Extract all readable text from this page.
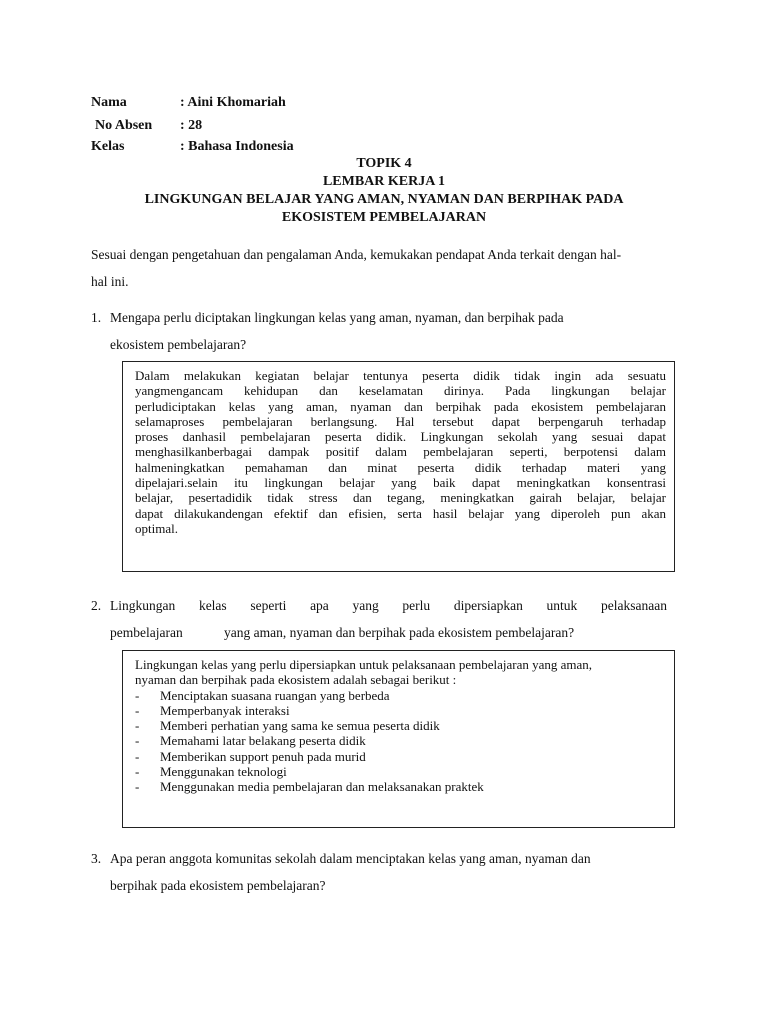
Nama	: Aini Khomariah
No Absen : 28
Kelas	: Bahasa Indonesia
TOPIK 4
LEMBAR KERJA 1
LINGKUNGAN BELAJAR YANG AMAN, NYAMAN DAN BERPIHAK PADA
EKOSISTEM PEMBELAJARAN
Sesuai dengan pengetahuan dan pengalaman Anda, kemukakan pendapat Anda terkait dengan hal-
hal ini.
1. Mengapa perlu diciptakan lingkungan kelas yang aman, nyaman, dan berpihak pada
ekosistem pembelajaran?
Dalam melakukan kegiatan belajar tentunya peserta didik tidak ingin ada sesuatu
yangmengancam kehidupan dan keselamatan dirinya. Pada lingkungan belajar
perludiciptakan kelas yang aman, nyaman dan berpihak pada ekosistem pembelajaran
selamaproses pembelajaran berlangsung. Hal tersebut dapat berpengaruh terhadap
proses danhasil pembelajaran peserta didik. Lingkungan sekolah yang sesuai dapat
menghasilkanberbagai dampak positif dalam pembelajaran seperti, berpotensi dalam
halmeningkatkan pemahaman dan minat peserta didik terhadap materi yang
dipelajari.selain itu lingkungan belajar yang baik dapat meningkatkan konsentrasi
belajar, pesertadidik tidak stress dan tegang, meningkatkan gairah belajar, belajar
dapat dilakukandengan efektif dan efisien, serta hasil belajar yang diperoleh pun akan
optimal.
2. Lingkungan kelas seperti apa yang perlu dipersiapkan untuk pelaksanaan
pembelajaran	yang aman, nyaman dan berpihak pada ekosistem pembelajaran?
Lingkungan kelas yang perlu dipersiapkan untuk pelaksanaan pembelajaran yang aman,
nyaman dan berpihak pada ekosistem adalah sebagai berikut :
-	Menciptakan suasana ruangan yang berbeda
-	Memperbanyak interaksi
-	Memberi perhatian yang sama ke semua peserta didik
-	Memahami latar belakang peserta didik
-	Memberikan support penuh pada murid
-	Menggunakan teknologi
-	Menggunakan media pembelajaran dan melaksanakan praktek
3. Apa peran anggota komunitas sekolah dalam menciptakan kelas yang aman, nyaman dan
berpihak pada ekosistem pembelajaran?
